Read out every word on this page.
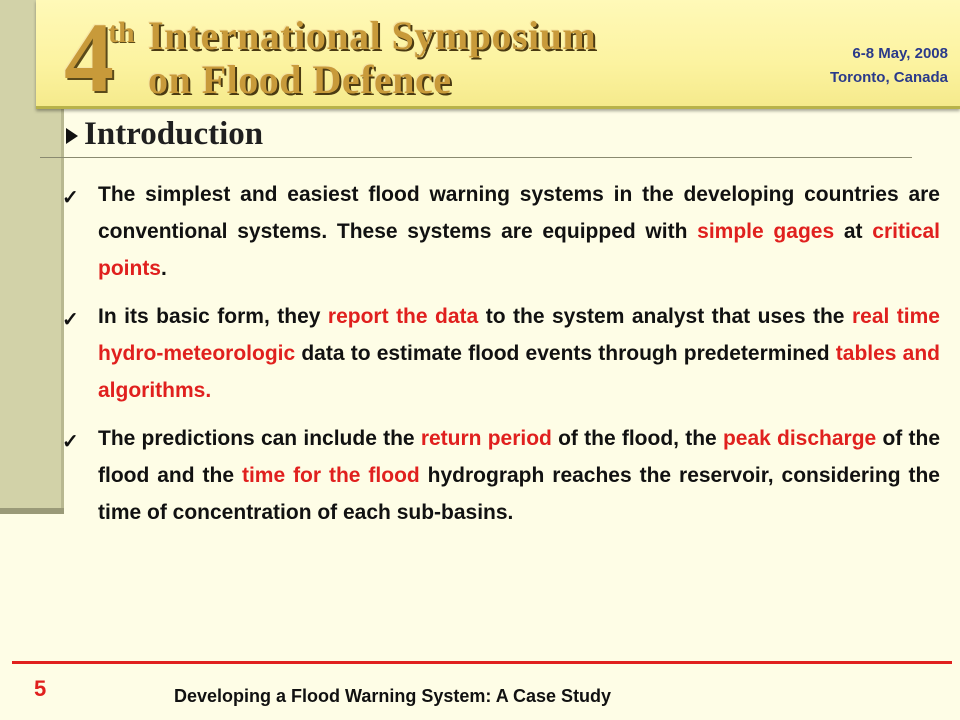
4
th International Symposium
on Flood Defence
6-8 May, 2008
Toronto, Canada
Introduction
✓ The simplest and easiest flood warning systems in the developing countries are conventional systems. These systems are equipped with simple gages at critical points.
✓ In its basic form, they report the data to the system analyst that uses the real time hydro-meteorologic data to estimate flood events through predetermined tables and algorithms.
✓ The predictions can include the return period of the flood, the peak discharge of the flood and the time for the flood hydrograph reaches the reservoir, considering the time of concentration of each sub-basins.
5	Developing a Flood Warning System: A Case Study
